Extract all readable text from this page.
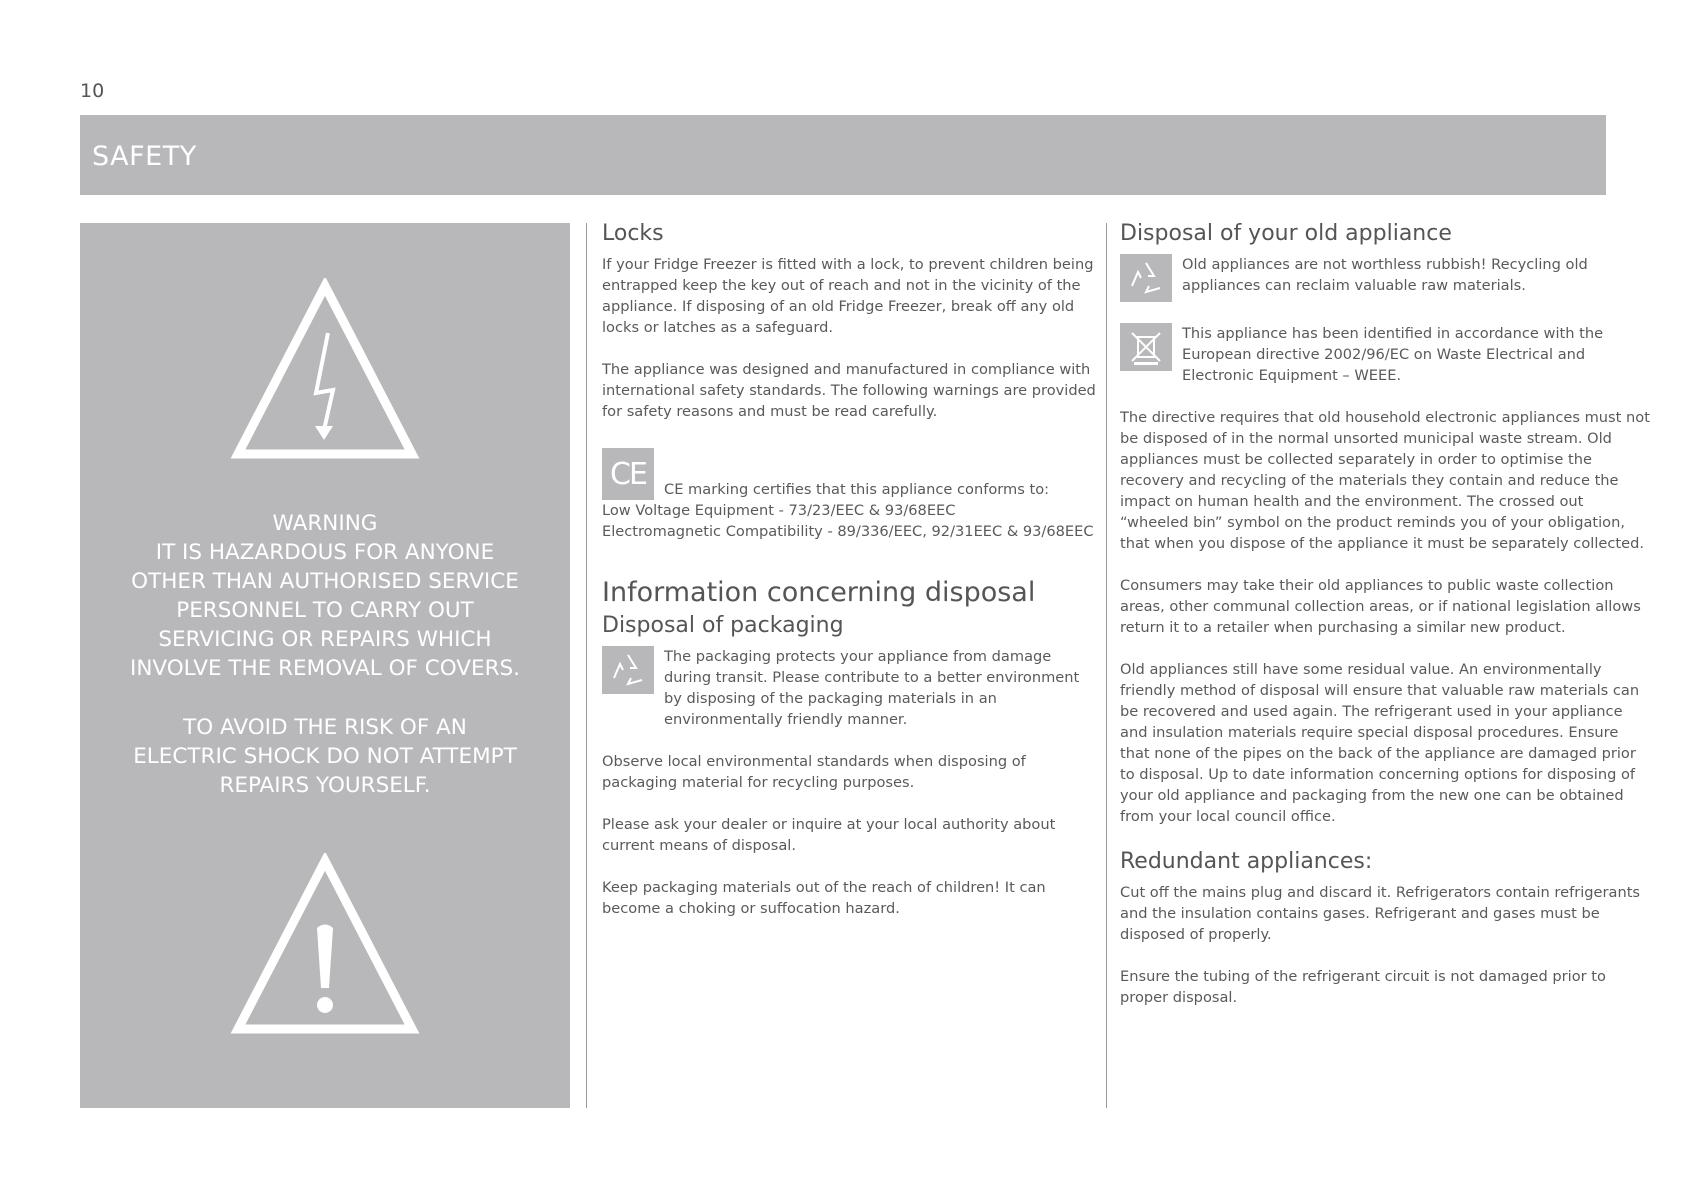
10
SAFETY
WARNING
IT IS HAZARDOUS FOR ANYONE
OTHER THAN AUTHORISED SERVICE
PERSONNEL TO CARRY OUT
SERVICING OR REPAIRS WHICH
INVOLVE THE REMOVAL OF COVERS.
TO AVOID THE RISK OF AN
ELECTRIC SHOCK DO NOT ATTEMPT
REPAIRS YOURSELF.
Locks

If your Fridge Freezer is fitted with a lock, to prevent children being entrapped keep the key out of reach and not in the vicinity of the appliance. If disposing of an old Fridge Freezer, break off any old locks or latches as a safeguard.

The appliance was designed and manufactured in compliance with international safety standards. The following warnings are provided for safety reasons and must be read carefully.

CE CE marking certifies that this appliance conforms to:
Low Voltage Equipment - 73/23/EEC & 93/68EEC
Electromagnetic Compatibility - 89/336/EEC, 92/31EEC & 93/68EEC
Information concerning disposal
Disposal of packaging
The packaging protects your appliance from damage during transit. Please contribute to a better environment by disposing of the packaging materials in an environmentally friendly manner.

Observe local environmental standards when disposing of packaging material for recycling purposes.

Please ask your dealer or inquire at your local authority about current means of disposal.

Keep packaging materials out of the reach of children! It can become a choking or suffocation hazard.

Disposal of your old appliance
Old appliances are not worthless rubbish! Recycling old appliances can reclaim valuable raw materials.
This appliance has been identified in accordance with the European directive 2002/96/EC on Waste Electrical and Electronic Equipment – WEEE.

The directive requires that old household electronic appliances must not be disposed of in the normal unsorted municipal waste stream. Old appliances must be collected separately in order to optimise the recovery and recycling of the materials they contain and reduce the impact on human health and the environment. The crossed out “wheeled bin” symbol on the product reminds you of your obligation, that when you dispose of the appliance it must be separately collected.

Consumers may take their old appliances to public waste collection areas, other communal collection areas, or if national legislation allows return it to a retailer when purchasing a similar new product.

Old appliances still have some residual value. An environmentally friendly method of disposal will ensure that valuable raw materials can be recovered and used again. The refrigerant used in your appliance and insulation materials require special disposal procedures. Ensure that none of the pipes on the back of the appliance are damaged prior to disposal. Up to date information concerning options for disposing of your old appliance and packaging from the new one can be obtained from your local council office.

Redundant appliances:

Cut off the mains plug and discard it. Refrigerators contain refrigerants and the insulation contains gases. Refrigerant and gases must be disposed of properly.

Ensure the tubing of the refrigerant circuit is not damaged prior to proper disposal.
